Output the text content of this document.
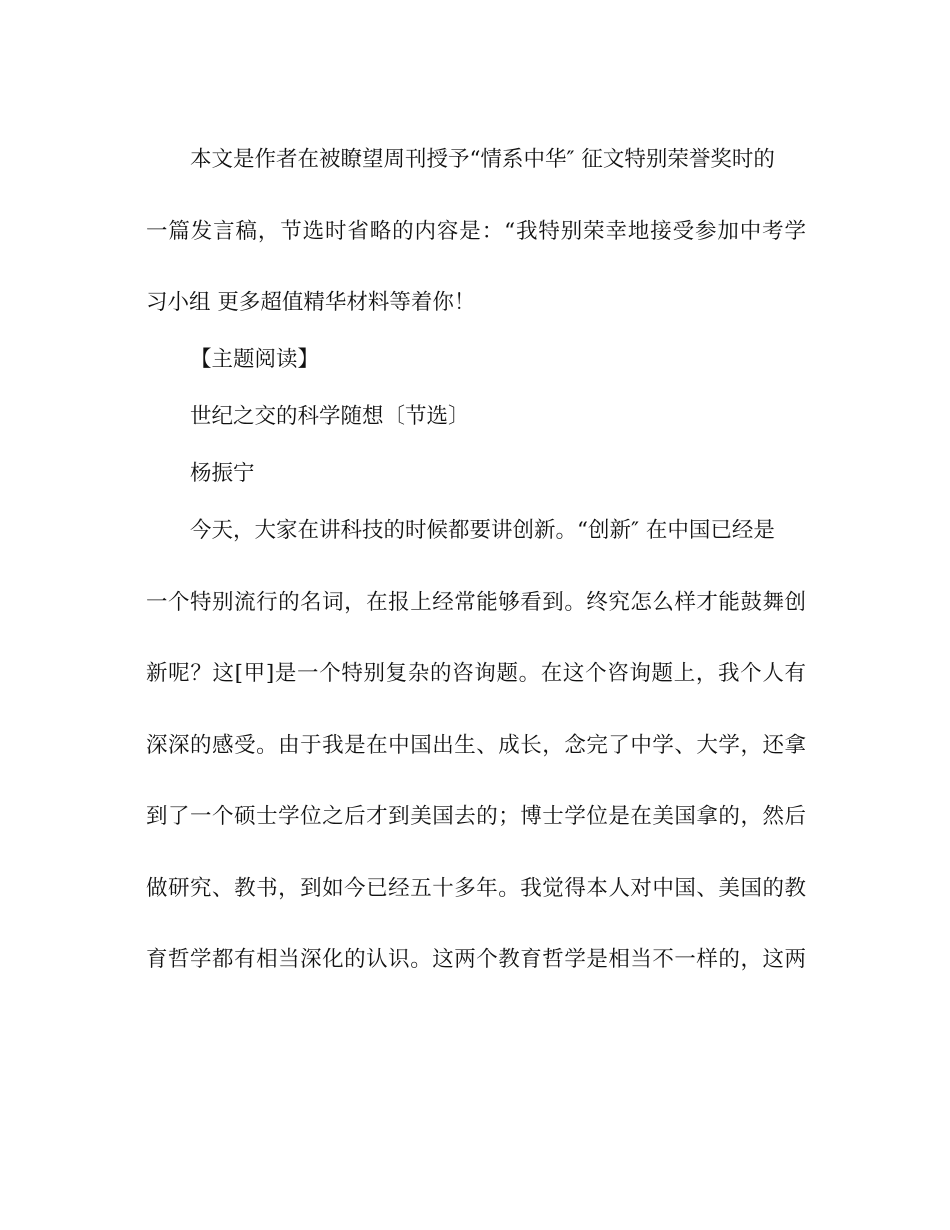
本文是作者在被瞭望周刊授予“情系中华″ 征文特别荣誉奖时的
一篇发言稿，节选时省略的内容是：“我特别荣幸地接受参加中考学
习小组 更多超值精华材料等着你！
【主题阅读】
世纪之交的科学随想〔节选〕
杨振宁
今天，大家在讲科技的时候都要讲创新。“创新″ 在中国已经是
一个特别流行的名词，在报上经常能够看到。终究怎么样才能鼓舞创
新呢？这[甲]是一个特别复杂的咨询题。在这个咨询题上，我个人有
深深的感受。由于我是在中国出生、成长，念完了中学、大学，还拿
到了一个硕士学位之后才到美国去的；博士学位是在美国拿的，然后
做研究、教书，到如今已经五十多年。我觉得本人对中国、美国的教
育哲学都有相当深化的认识。这两个教育哲学是相当不一样的，这两
